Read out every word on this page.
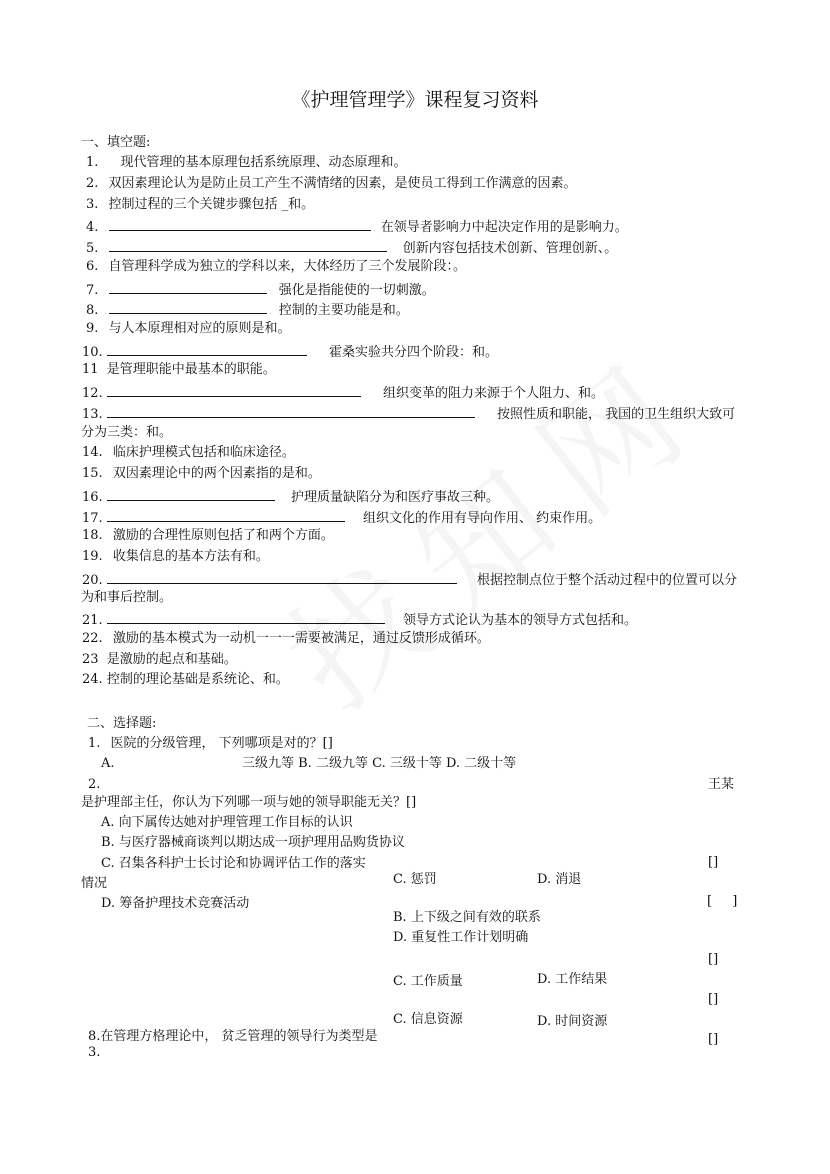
《护理管理学》课程复习资料
一、填空题:
1. 现代管理的基本原理包括系统原理、动态原理和。
2. 双因素理论认为是防止员工产生不满情绪的因素，是使员工得到工作满意的因素。
3. 控制过程的三个关键步骤包括 _和。
4.	在领导者影响力中起决定作用的是影响力。
5.	创新内容包括技术创新、管理创新、。
6. 自管理科学成为独立的学科以来，大体经历了三个发展阶段：。
7.	强化是指能使的一切刺激。
8.	控制的主要功能是和。
9. 与人本原理相对应的原则是和。
10.	霍桑实验共分四个阶段：和。
11 是管理职能中最基本的职能。
12.	组织变革的阻力来源于个人阻力、和。
13.	按照性质和职能， 我国的卫生组织大致可
分为三类：和。
14. 临床护理模式包括和临床途径。
15. 双因素理论中的两个因素指的是和。
16.	护理质量缺陷分为和医疗事故三种。
17.	组织文化的作用有导向作用、 约束作用。
18. 激励的合理性原则包括了和两个方面。
19. 收集信息的基本方法有和。
20.	根据控制点位于整个活动过程中的位置可以分
为和事后控制。
21.	领导方式论认为基本的领导方式包括和。
22. 激励的基本模式为一动机一一一需要被满足，通过反馈形成循环。
23 是激励的起点和基础。
24. 控制的理论基础是系统论、和。
二、选择题:
1. 医院的分级管理， 下列哪项是对的？[]
A.	三级九等 B. 二级九等 C. 三级十等 D. 二级十等
2.	王某
是护理部主任，你认为下列哪一项与她的领导职能无关？[]
A. 向下属传达她对护理管理工作目标的认识
B. 与医疗器械商谈判以期达成一项护理用品购货协议
C. 召集各科护士长讨论和协调评估工作的落实
情况
D. 筹备护理技术竞赛活动
C. 惩罚	D. 消退
B. 上下级之间有效的联系
D. 重复性工作计划明确
C. 工作质量	D. 工作结果
C. 信息资源	D. 时间资源
[]
[ ]
[]
[]
[]
8.在管理方格理论中， 贫乏管理的领导行为类型是
3.
